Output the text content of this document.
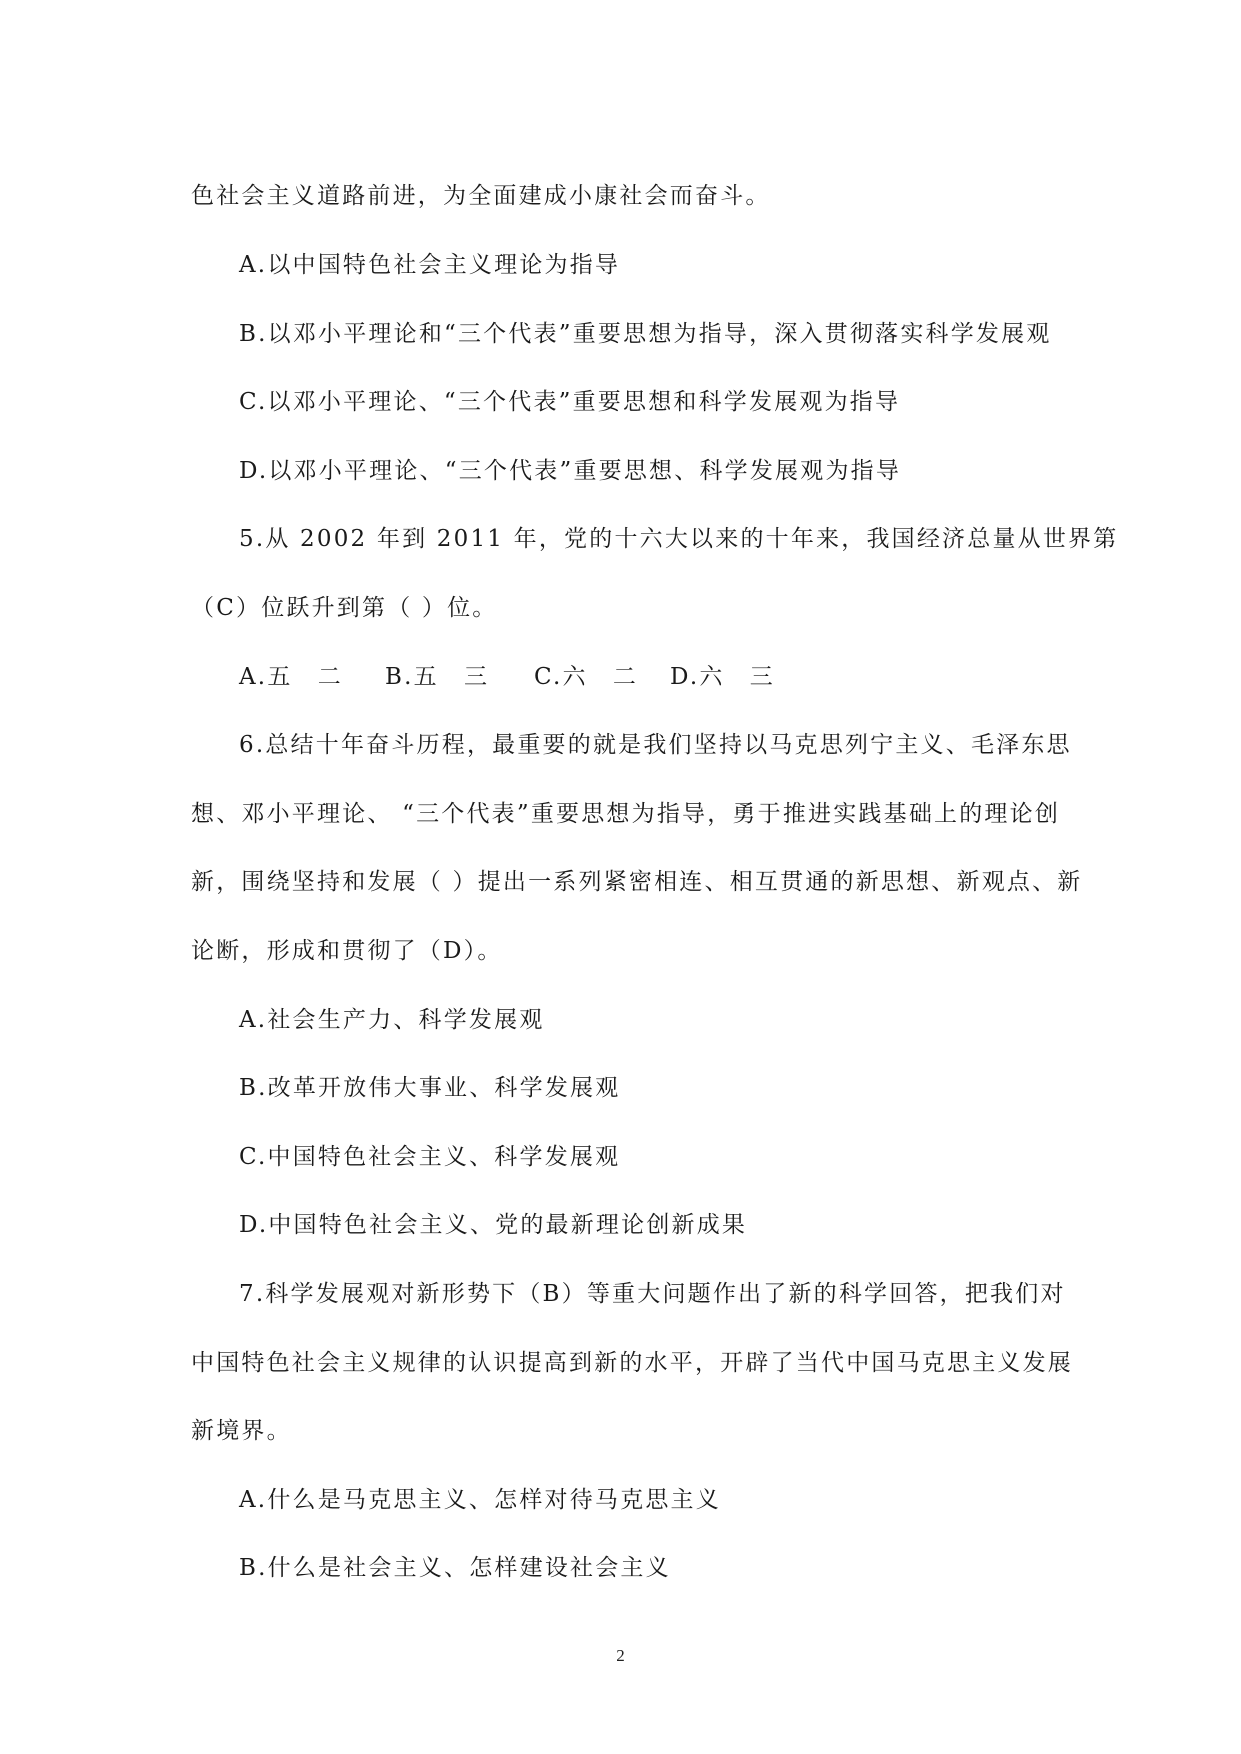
色社会主义道路前进，为全面建成小康社会而奋斗。
A.以中国特色社会主义理论为指导
B.以邓小平理论和“三个代表”重要思想为指导，深入贯彻落实科学发展观
C.以邓小平理论、“三个代表”重要思想和科学发展观为指导
D.以邓小平理论、“三个代表”重要思想、科学发展观为指导
5.从 2002 年到 2011 年，党的十六大以来的十年来，我国经济总量从世界第
（C）位跃升到第（ ）位。
A.五　二 B.五　三 C.六　二 D.六　三
6.总结十年奋斗历程，最重要的就是我们坚持以马克思列宁主义、毛泽东思
想、邓小平理论、 “三个代表”重要思想为指导，勇于推进实践基础上的理论创
新，围绕坚持和发展（ ）提出一系列紧密相连、相互贯通的新思想、新观点、新
论断，形成和贯彻了（D）。
A.社会生产力、科学发展观
B.改革开放伟大事业、科学发展观
C.中国特色社会主义、科学发展观
D.中国特色社会主义、党的最新理论创新成果
7.科学发展观对新形势下（B）等重大问题作出了新的科学回答，把我们对
中国特色社会主义规律的认识提高到新的水平，开辟了当代中国马克思主义发展
新境界。
A.什么是马克思主义、怎样对待马克思主义
B.什么是社会主义、怎样建设社会主义
2
